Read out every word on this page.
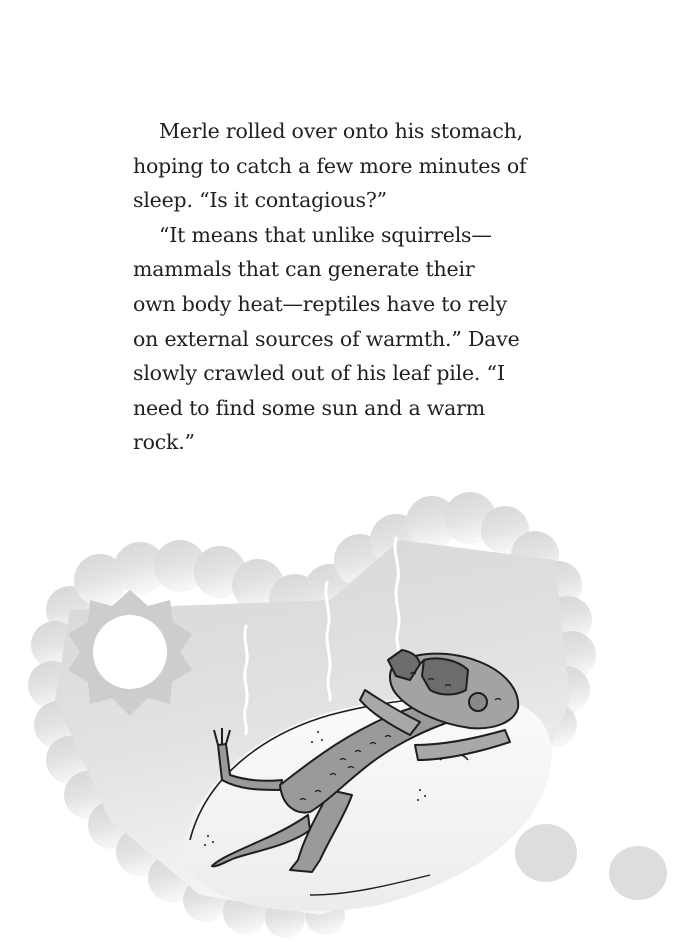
Merle rolled over onto his stomach,
hoping to catch a few more minutes of
sleep. “Is it contagious?”
“It means that unlike squirrels—
mammals that can generate their
own body heat—reptiles have to rely
on external sources of warmth.” Dave
slowly crawled out of his leaf pile. “I
need to find some sun and a warm
rock.”
